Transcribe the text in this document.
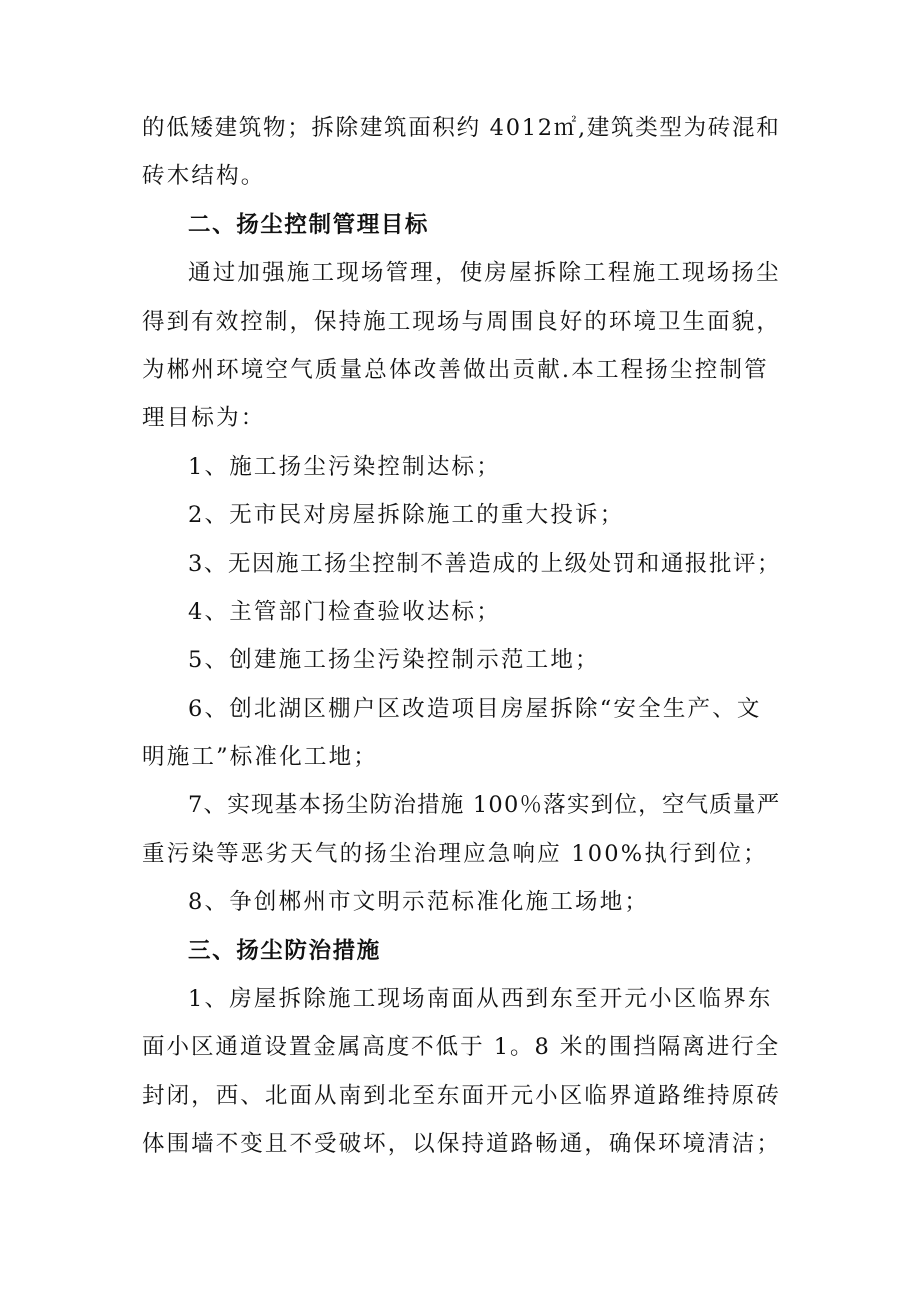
的低矮建筑物；拆除建筑面积约 4012㎡,建筑类型为砖混和
砖木结构。
二、扬尘控制管理目标
通过加强施工现场管理，使房屋拆除工程施工现场扬尘
得到有效控制，保持施工现场与周围良好的环境卫生面貌，
为郴州环境空气质量总体改善做出贡献.本工程扬尘控制管
理目标为：
1、施工扬尘污染控制达标；
2、无市民对房屋拆除施工的重大投诉；
3、无因施工扬尘控制不善造成的上级处罚和通报批评；
4、主管部门检查验收达标；
5、创建施工扬尘污染控制示范工地；
6、创北湖区棚户区改造项目房屋拆除“安全生产、文
明施工”标准化工地；
7、实现基本扬尘防治措施 100％落实到位，空气质量严
重污染等恶劣天气的扬尘治理应急响应 100%执行到位；
8、争创郴州市文明示范标准化施工场地；
三、扬尘防治措施
1、房屋拆除施工现场南面从西到东至开元小区临界东
面小区通道设置金属高度不低于 1。8 米的围挡隔离进行全
封闭，西、北面从南到北至东面开元小区临界道路维持原砖
体围墙不变且不受破坏，以保持道路畅通，确保环境清洁；
